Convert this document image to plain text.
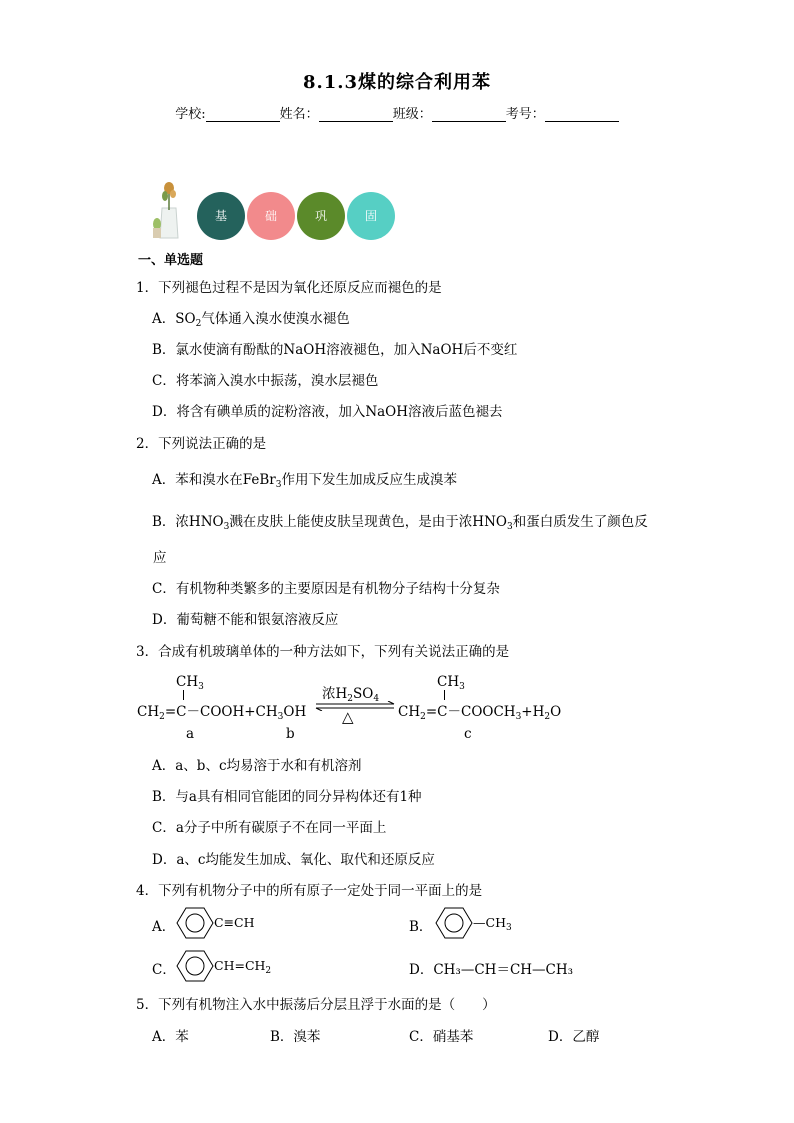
8.1.3煤的综合利用苯
学校:	姓名：	班级：	考号：
基	础	巩	固
一、单选题
1．下列褪色过程不是因为氧化还原反应而褪色的是
A．$SO_2$气体通入溴水使溴水褪色
B．氯水使滴有酚酞的NaOH溶液褪色，加入NaOH后不变红
C．将苯滴入溴水中振荡，溴水层褪色
D．将含有碘单质的淀粉溶液，加入NaOH溶液后蓝色褪去
2．下列说法正确的是
A．苯和溴水在FeBr$_3$作用下发生加成反应生成溴苯
B．浓$HNO_3$溅在皮肤上能使皮肤呈现黄色，是由于浓$HNO_3$和蛋白质发生了颜色反
应
C．有机物种类繁多的主要原因是有机物分子结构十分复杂
D．葡萄糖不能和银氨溶液反应
3．合成有机玻璃单体的一种方法如下，下列有关说法正确的是
$CH_3$
$CH_2=C-COOH+CH_3OH$
浓$H_2SO_4$
△
$CH_3$
$CH_2=C-COOCH_3+H_2O$
a	b	c
A．a、b、c均易溶于水和有机溶剂
B．与a具有相同官能团的同分异构体还有1种
C．a分子中所有碳原子不在同一平面上
D．a、c均能发生加成、氧化、取代和还原反应
4．下列有机物分子中的所有原子一定处于同一平面上的是
A．	C≡CH	B．	$—CH_3$
C．	$CH=CH_2$	D．CH₃—CH＝CH—CH₃
5．下列有机物注入水中振荡后分层且浮于水面的是（　　）
A．苯	B．溴苯	C．硝基苯	D．乙醇
